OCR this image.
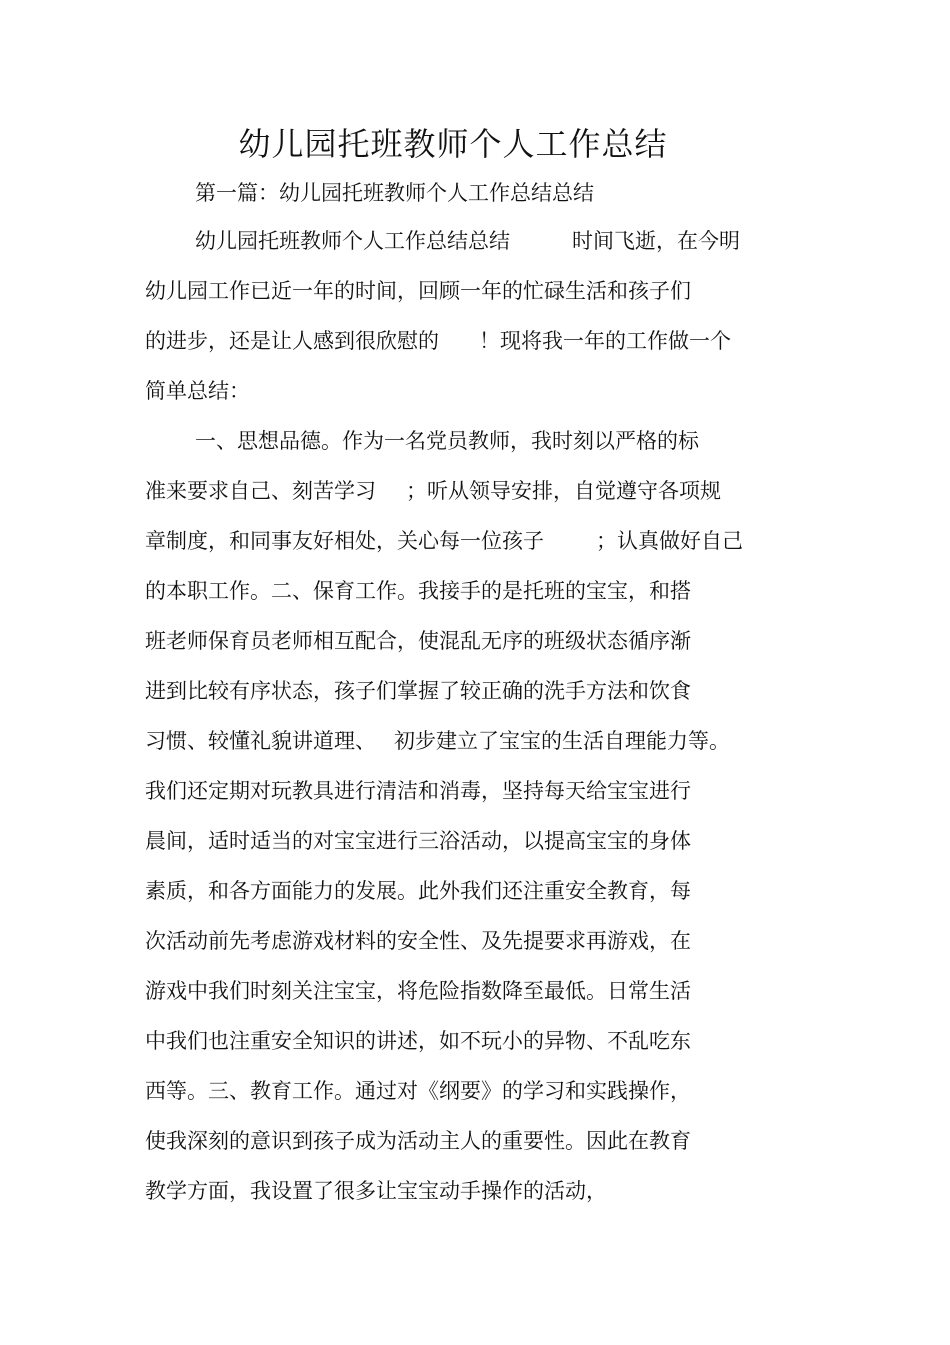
幼儿园托班教师个人工作总结
第一篇：幼儿园托班教师个人工作总结总结
幼儿园托班教师个人工作总结总结	时间飞逝，在今明
幼儿园工作已近一年的时间，回顾一年的忙碌生活和孩子们
的进步，还是让人感到很欣慰的 ！现将我一年的工作做一个
简单总结：
一、思想品德。作为一名党员教师，我时刻以严格的标
准来要求自己、刻苦学习 ；听从领导安排，自觉遵守各项规
章制度，和同事友好相处，关心每一位孩子 ；认真做好自己
的本职工作。二、保育工作。我接手的是托班的宝宝，和搭
班老师保育员老师相互配合，使混乱无序的班级状态循序渐
进到比较有序状态，孩子们掌握了较正确的洗手方法和饮食
习惯、较懂礼貌讲道理、 初步建立了宝宝的生活自理能力等。
我们还定期对玩教具进行清洁和消毒，坚持每天给宝宝进行
晨间，适时适当的对宝宝进行三浴活动，以提高宝宝的身体
素质，和各方面能力的发展。此外我们还注重安全教育，每
次活动前先考虑游戏材料的安全性、及先提要求再游戏，在
游戏中我们时刻关注宝宝，将危险指数降至最低。日常生活
中我们也注重安全知识的讲述，如不玩小的异物、不乱吃东
西等。三、教育工作。通过对《纲要》的学习和实践操作，
使我深刻的意识到孩子成为活动主人的重要性。因此在教育
教学方面，我设置了很多让宝宝动手操作的活动，
